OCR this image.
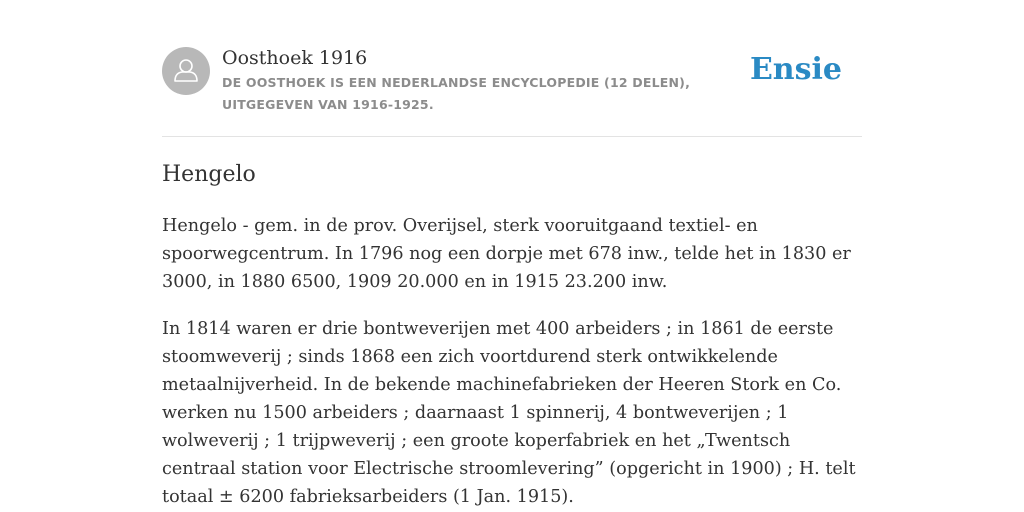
Oosthoek 1916
DE OOSTHOEK IS EEN NEDERLANDSE ENCYCLOPEDIE (12 DELEN), UITGEGEVEN VAN 1916-1925.
Ensie
Hengelo

Hengelo - gem. in de prov. Overijsel, sterk vooruitgaand textiel- en spoorwegcentrum. In 1796 nog een dorpje met 678 inw., telde het in 1830 er 3000, in 1880 6500, 1909 20.000 en in 1915 23.200 inw.

In 1814 waren er drie bontweverijen met 400 arbeiders ; in 1861 de eerste stoomweverij ; sinds 1868 een zich voortdurend sterk ontwikkelende metaalnijverheid. In de bekende machinefabrieken der Heeren Stork en Co. werken nu 1500 arbeiders ; daarnaast 1 spinnerij, 4 bontweverijen ; 1 wolweverij ; 1 trijpweverij ; een groote koperfabriek en het „Twentsch centraal station voor Electrische stroomlevering” (opgericht in 1900) ; H. telt totaal ± 6200 fabrieksarbeiders (1 Jan. 1915).
